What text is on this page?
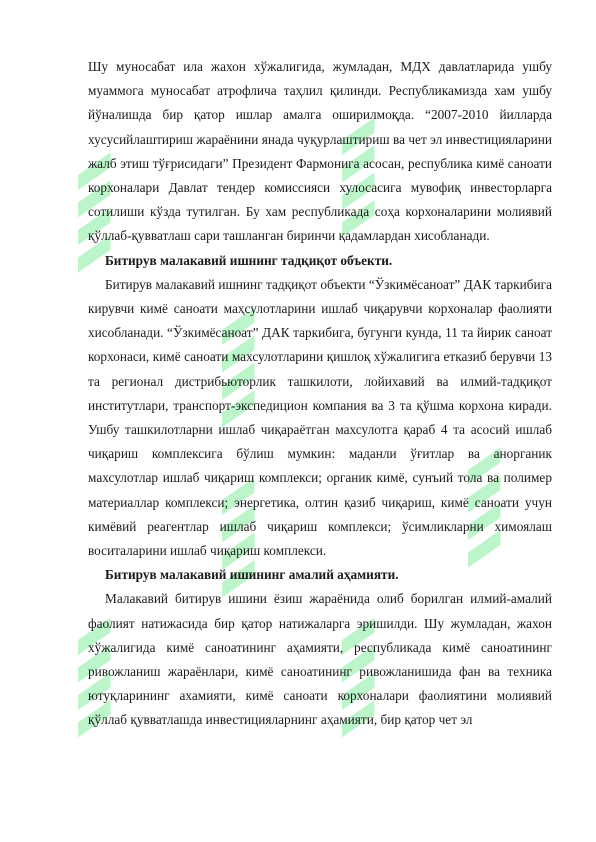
Шу муносабат ила жахон хўжалигида, жумладан, МДХ давлатларида ушбу муаммога муносабат атрофлича таҳлил қилинди. Республикамизда хам ушбу йўналишда бир қатор ишлар амалга оширилмоқда. “2007-2010 йилларда хусусийлаштириш жараёнини янада чуқурлаштириш ва чет эл инвестицияларини жалб этиш тўғрисидаги” Президент Фармонига асосан, республика кимё саноати корхоналари Давлат тендер комиссияси хулосасига мувофиқ инвесторларга сотилиши кўзда тутилган. Бу хам республикада соҳа корхоналарини молиявий қўллаб-қувватлаш сари ташланган биринчи қадамлардан хисобланади.

Битирув малакавий ишнинг тадқиқот объекти.

Битирув малакавий ишнинг тадқиқот объекти “Ўзкимёсаноат” ДАК таркибига кирувчи кимё саноати маҳсулотларини ишлаб чиқарувчи корхоналар фаолияти хисобланади. “Ўзкимёсаноат” ДАК таркибига, бугунги кунда, 11 та йирик саноат корхонаси, кимё саноати махсулотларини қишлоқ хўжалигига етказиб берувчи 13 та регионал дистрибьюторлик ташкилоти, лойихавий ва илмий-тадқиқот институтлари, транспорт-экспедицион компания ва 3 та қўшма корхона киради. Ушбу ташкилотларни ишлаб чиқараётган махсулотга қараб 4 та асосий ишлаб чиқариш комплексига бўлиш мумкин: маданли ўғитлар ва анорганик махсулотлар ишлаб чиқариш комплекси; органик кимё, сунъий тола ва полимер материаллар комплекси; энергетика, олтин қазиб чиқариш, кимё саноати учун кимёвий реагентлар ишлаб чиқариш комплекси; ўсимликларни химоялаш воситаларини ишлаб чиқариш комплекси.

Битирув малакавий ишининг амалий аҳамияти.

Малакавий битирув ишини ёзиш жараёнида олиб борилган илмий-амалий фаолият натижасида бир қатор натижаларга эришилди. Шу жумладан, жахон хўжалигида кимё саноатининг аҳамияти, республикада кимё саноатининг ривожланиш жараёнлари, кимё саноатининг ривожланишида фан ва техника ютуқларининг ахамияти, кимё саноати корхоналари фаолиятини молиявий қўллаб қувватлашда инвестицияларнинг аҳамияти, бир қатор чет эл
